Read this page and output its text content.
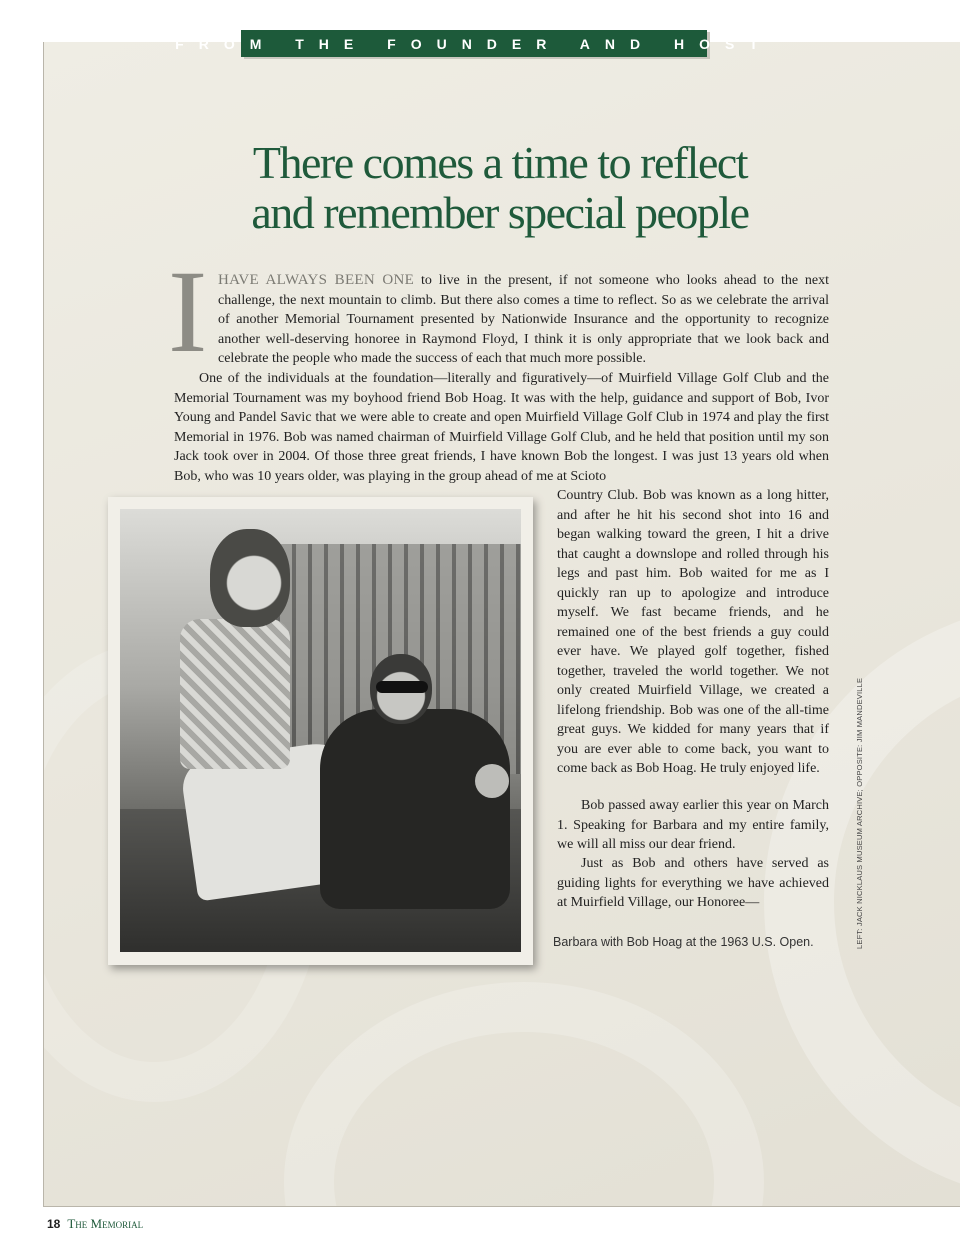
FROM THE FOUNDER AND HOST
There comes a time to reflect
and remember special people
I HAVE ALWAYS BEEN ONE to live in the present, if not someone who looks ahead to the next challenge, the next mountain to climb. But there also comes a time to reflect. So as we celebrate the arrival of another Memorial Tournament presented by Nationwide Insurance and the opportunity to recognize another well-deserving honoree in Raymond Floyd, I think it is only appropriate that we look back and celebrate the people who made the success of each that much more possible.

One of the individuals at the foundation—literally and figuratively—of Muirfield Village Golf Club and the Memorial Tournament was my boyhood friend Bob Hoag. It was with the help, guidance and support of Bob, Ivor Young and Pandel Savic that we were able to create and open Muirfield Village Golf Club in 1974 and play the first Memorial in 1976. Bob was named chairman of Muirfield Village Golf Club, and he held that position until my son Jack took over in 2004. Of those three great friends, I have known Bob the longest. I was just 13 years old when Bob, who was 10 years older, was playing in the group ahead of me at Scioto

Country Club. Bob was known as a long hitter, and after he hit his second shot into 16 and began walking toward the green, I hit a drive that caught a downslope and rolled through his legs and past him. Bob waited for me as I quickly ran up to apologize and introduce myself. We fast became friends, and he remained one of the best friends a guy could ever have. We played golf together, fished together, traveled the world together. We not only created Muirfield Village, we created a lifelong friendship. Bob was one of the all-time great guys. We kidded for many years that if you are ever able to come back, you want to come back as Bob Hoag. He truly enjoyed life.

Bob passed away earlier this year on March 1. Speaking for Barbara and my entire family, we will all miss our dear friend.

Just as Bob and others have served as guiding lights for everything we have achieved at Muirfield Village, our Honoree—

Barbara with Bob Hoag at the 1963 U.S. Open.	LEFT: JACK NICKLAUS MUSEUM ARCHIVE; OPPOSITE: JIM MANDEVILLE

18 The Memorial
